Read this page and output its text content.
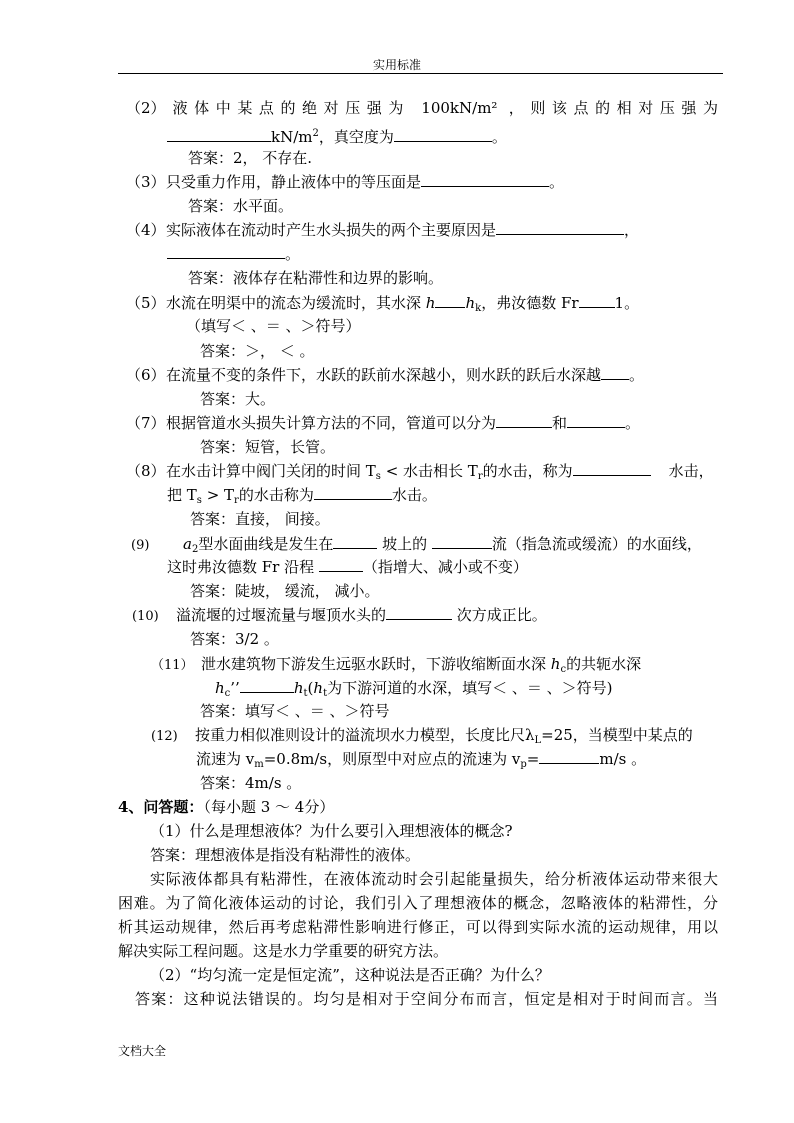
实用标准
（2）液体中某点的绝对压强为 100kN/m² ，则该点的相对压强为
$kN/m^2$，真空度为	。
答案：2， 不存在.
（3）只受重力作用，静止液体中的等压面是	。
答案：水平面。
（4）实际液体在流动时产生水头损失的两个主要原因是	，
。
答案：液体存在粘滞性和边界的影响。
（5）水流在明渠中的流态为缓流时，其水深 h $h_k$，弗汝德数 Fr 1。
（填写＜ 、＝ 、＞符号）
答案：＞， ＜ 。
（6）在流量不变的条件下，水跃的跃前水深越小，则水跃的跃后水深越 。
答案：大。
（7）根据管道水头损失计算方法的不同，管道可以分为	和	。
答案：短管，长管。
（8）在水击计算中阀门关闭的时间 $T_s$ < 水击相长 $T_r$的水击，称为	水击，
把 $T_s > T_r$的水击称为	水击。
答案：直接， 间接。
(9) $a_2$型水面曲线是发生在	坡上的	流（指急流或缓流）的水面线，
这时弗汝德数 Fr 沿程	（指增大、减小或不变）
答案：陡坡， 缓流， 减小。
(10) 溢流堰的过堰流量与堰顶水头的	次方成正比。
答案：3/2 。
（11） 泄水建筑物下游发生远驱水跃时，下游收缩断面水深 $h_c$的共轭水深
$h_c$’’	$h_t(h_t$为下游河道的水深，填写＜ 、＝ 、＞符号)
答案：填写＜ 、＝ 、＞符号
(12) 按重力相似准则设计的溢流坝水力模型，长度比尺$\lambda_L=25$，当模型中某点的
流速为 $v_m=0.8m/s$，则原型中对应点的流速为 $v_p=$	m/s 。
答案：4m/s 。
4、问答题：（每小题 3 ～ 4分）
（1）什么是理想液体？为什么要引入理想液体的概念?
答案：理想液体是指没有粘滞性的液体。
实际液体都具有粘滞性，在液体流动时会引起能量损失，给分析液体运动带来很大
困难。为了简化液体运动的讨论，我们引入了理想液体的概念，忽略液体的粘滞性，分
析其运动规律，然后再考虑粘滞性影响进行修正，可以得到实际水流的运动规律，用以
解决实际工程问题。这是水力学重要的研究方法。
（2）“均匀流一定是恒定流”，这种说法是否正确？为什么？
答案：这种说法错误的。均匀是相对于空间分布而言，恒定是相对于时间而言。当
文档大全
